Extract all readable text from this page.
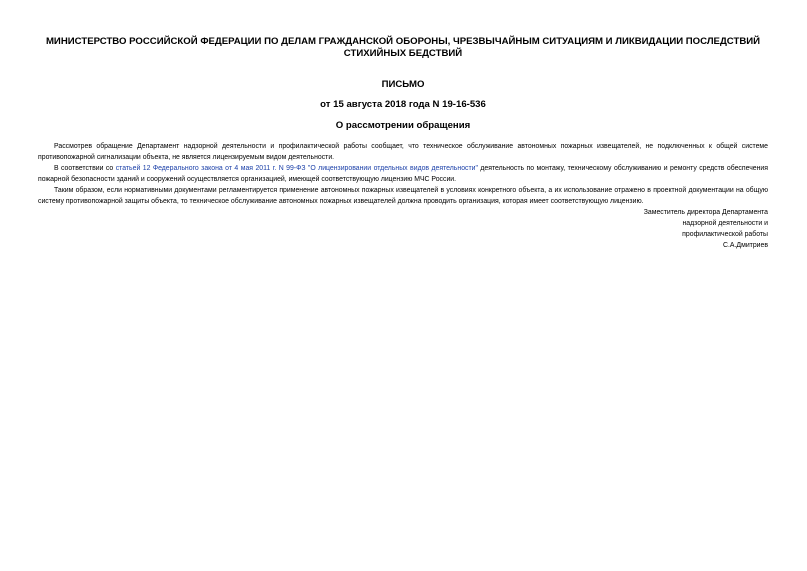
МИНИСТЕРСТВО РОССИЙСКОЙ ФЕДЕРАЦИИ ПО ДЕЛАМ ГРАЖДАНСКОЙ ОБОРОНЫ, ЧРЕЗВЫЧАЙНЫМ СИТУАЦИЯМ И ЛИКВИДАЦИИ ПОСЛЕДСТВИЙ СТИХИЙНЫХ БЕДСТВИЙ

ПИСЬМО

от 15 августа 2018 года N 19-16-536

О рассмотрении обращения

Рассмотрев обращение Департамент надзорной деятельности и профилактической работы сообщает, что техническое обслуживание автономных пожарных извещателей, не подключенных к общей системе противопожарной сигнализации объекта, не является лицензируемым видом деятельности.

В соответствии со статьей 12 Федерального закона от 4 мая 2011 г. N 99-ФЗ "О лицензировании отдельных видов деятельности" деятельность по монтажу, техническому обслуживанию и ремонту средств обеспечения пожарной безопасности зданий и сооружений осуществляется организацией, имеющей соответствующую лицензию МЧС России.

Таким образом, если нормативными документами регламентируется применение автономных пожарных извещателей в условиях конкретного объекта, а их использование отражено в проектной документации на общую систему противопожарной защиты объекта, то техническое обслуживание автономных пожарных извещателей должна проводить организация, которая имеет соответствующую лицензию.

Заместитель директора Департамента
надзорной деятельности и
профилактической работы
С.А.Дмитриев
